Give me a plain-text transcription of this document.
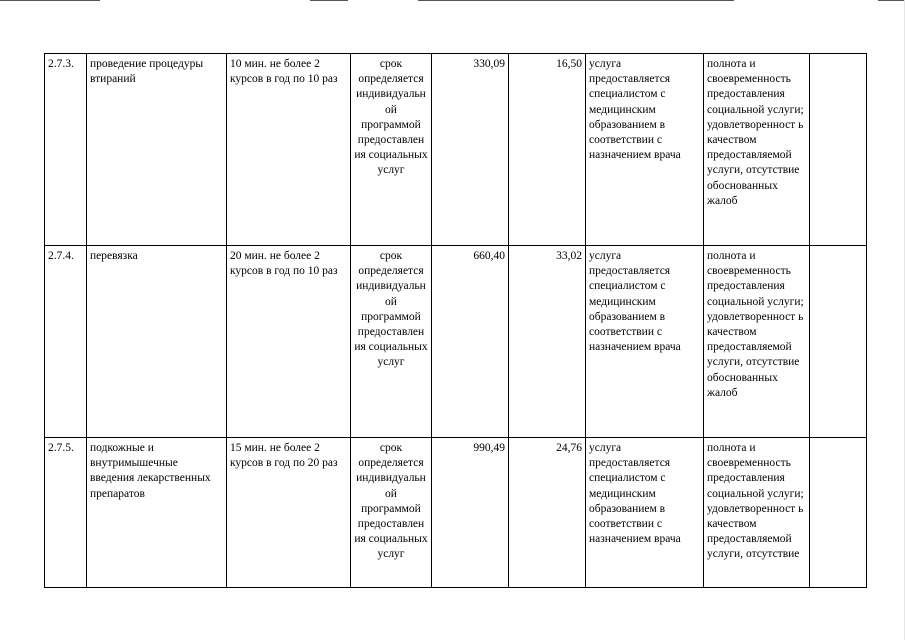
2.7.3.	проведение процедуры втираний	10 мин. не более 2 курсов в год по 10 раз	срок определяется индивидуальн ой программой предоставлен ия социальных услуг	330,09	16,50	услуга предоставляется специалистом с медицинским образованием в соответствии с назначением врача	полнота и своевременность предоставления социальной услуги; удовлетворенност ь качеством предоставляемой услуги, отсутствие обоснованных жалоб	
2.7.4.	перевязка	20 мин. не более 2 курсов в год по 10 раз	срок определяется индивидуальн ой программой предоставлен ия социальных услуг	660,40	33,02	услуга предоставляется специалистом с медицинским образованием в соответствии с назначением врача	полнота и своевременность предоставления социальной услуги; удовлетворенност ь качеством предоставляемой услуги, отсутствие обоснованных жалоб	
2.7.5.	подкожные и внутримышечные введения лекарственных препаратов	15 мин. не более 2 курсов в год по 20 раз	срок определяется индивидуальн ой программой предоставлен ия социальных услуг	990,49	24,76	услуга предоставляется специалистом с медицинским образованием в соответствии с назначением врача	полнота и своевременность предоставления социальной услуги; удовлетворенност ь качеством предоставляемой услуги, отсутствие	
